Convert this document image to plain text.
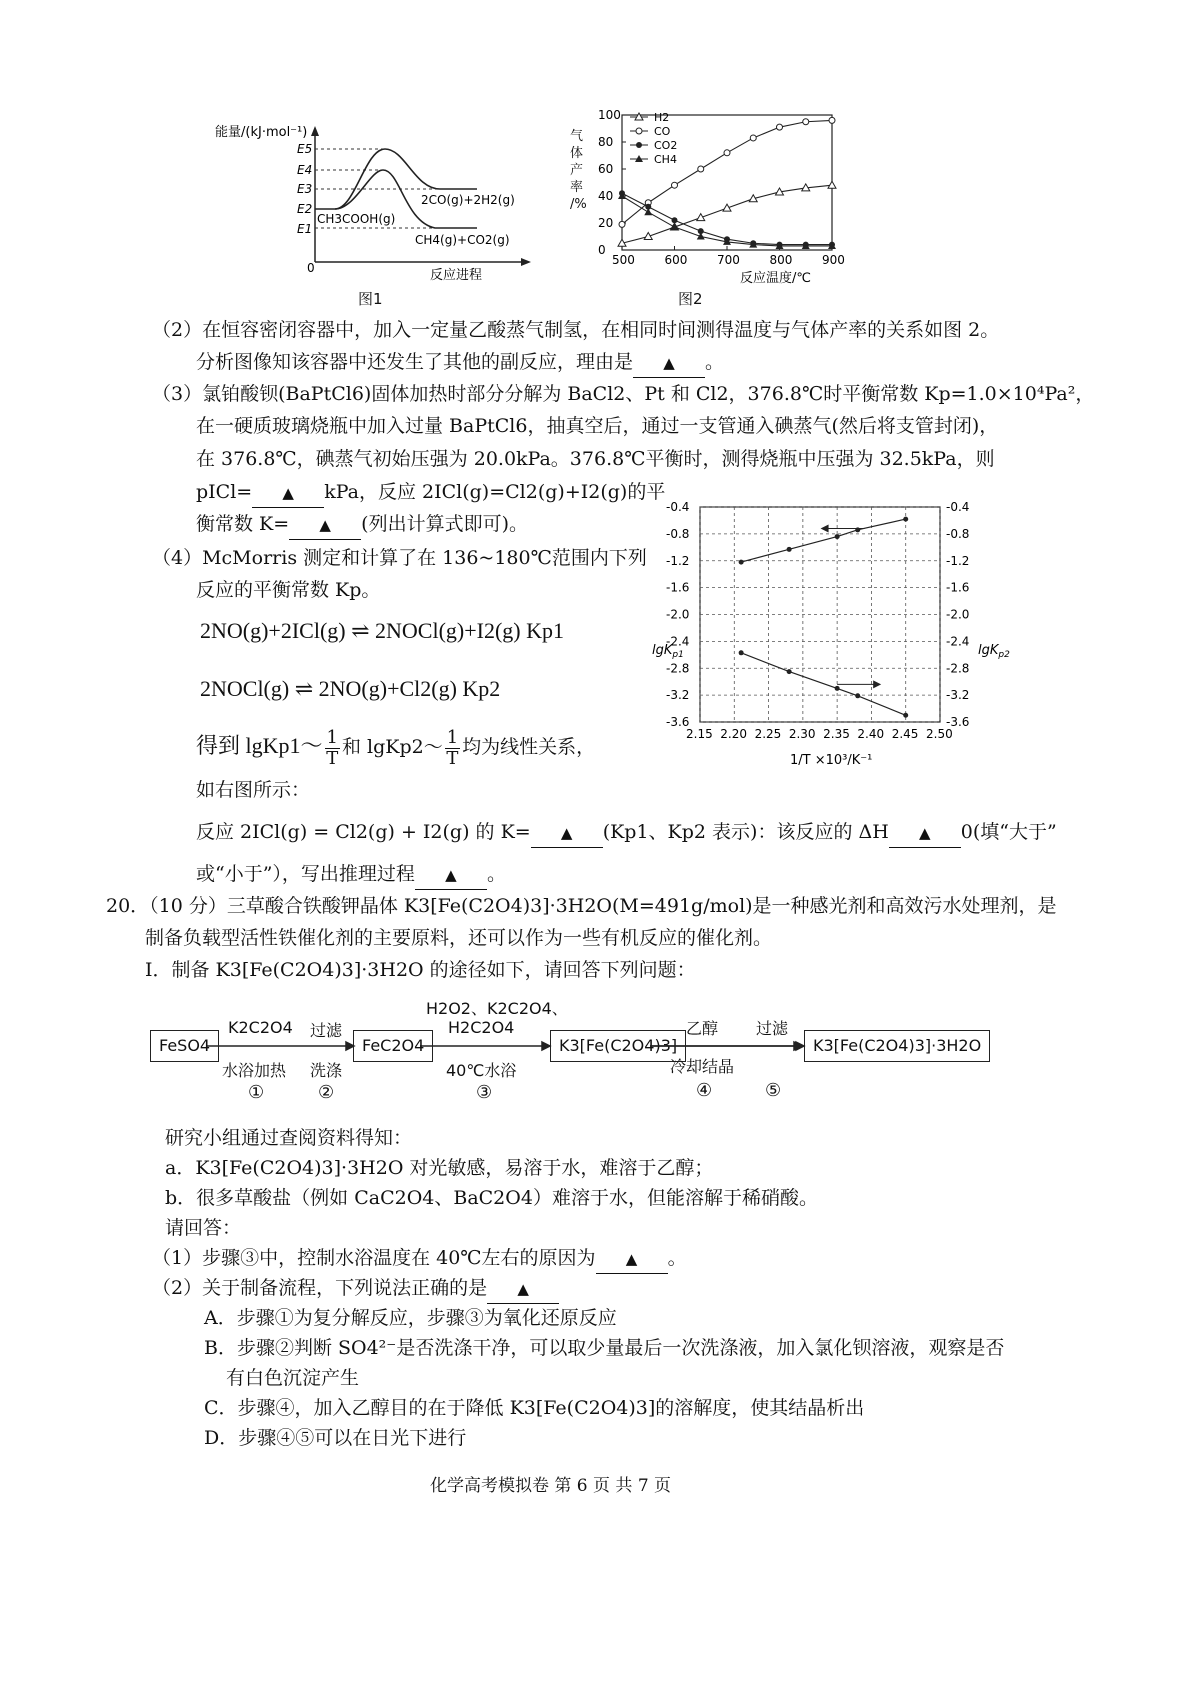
能量/(kJ·mol⁻¹)
0
E5
E4
E3
E2
E1
CH3COOH(g)
2CO(g)+2H2(g)
CH4(g)+CO2(g)
反应进程
图1
500 600 700 800 900
0
20
40
60
80
100	H2
CO
CO2
CH4
反应温度/℃
气
体
产
率
/%
图2
（2）在恒容密闭容器中，加入一定量乙酸蒸气制氢，在相同时间测得温度与气体产率的关系如图 2。
分析图像知该容器中还发生了其他的副反应，理由是 ▲ 。
（3）氯铂酸钡(BaPtCl6)固体加热时部分分解为 BaCl2、Pt 和 Cl2，376.8℃时平衡常数 Kp=1.0×10⁴Pa²，
在一硬质玻璃烧瓶中加入过量 BaPtCl6，抽真空后，通过一支管通入碘蒸气(然后将支管封闭)，
在 376.8℃，碘蒸气初始压强为 20.0kPa。376.8℃平衡时，测得烧瓶中压强为 32.5kPa，则
pICl= ▲ kPa，反应 2ICl(g)=Cl2(g)+I2(g)的平
衡常数 K= ▲ (列出计算式即可)。
2.15 2.20 2.25 2.30 2.35 2.40 2.45 2.50
-0.4	-0.4
-0.8	-0.8
-1.2	-1.2
-1.6	-1.6
-2.0	-2.0
-2.4	-2.4
-2.8	-2.8
-3.2	-3.2
-3.6	-3.6
lgK$_{p1}$	lgK$_{p2}$
1/T ×10³/K⁻¹
（4）McMorris 测定和计算了在 136~180℃范围内下列
反应的平衡常数 Kp。
2NO(g)+2ICl(g) ⇌ 2NOCl(g)+I2(g) Kp1
2NOCl(g) ⇌ 2NO(g)+Cl2(g) Kp2
得到 lgKp1～ $\frac{1}{T}$ 和 lgKp2～ $\frac{1}{T}$ 均为线性关系，
如右图所示：
反应 2ICl(g) = Cl2(g) + I2(g) 的 K= ▲ (Kp1、Kp2 表示)：该反应的 ΔH ▲ 0(填“大于”
或“小于”），写出推理过程 ▲ 。
20．（10 分）三草酸合铁酸钾晶体 K3[Fe(C2O4)3]·3H2O(M=491g/mol)是一种感光剂和高效污水处理剂，是
制备负载型活性铁催化剂的主要原料，还可以作为一些有机反应的催化剂。
I．制备 K3[Fe(C2O4)3]·3H2O 的途径如下，请回答下列问题：
FeSO4	FeC2O4	K3[Fe(C2O4)3]	K3[Fe(C2O4)3]·3H2O
K2C2O4
水浴加热
过滤
洗涤
H2O2、K2C2O4、
H2C2O4
40℃水浴
乙醇
冷却结晶
过滤
①	②	③	④	⑤
研究小组通过查阅资料得知：
a．K3[Fe(C2O4)3]·3H2O 对光敏感，易溶于水，难溶于乙醇；
b．很多草酸盐（例如 CaC2O4、BaC2O4）难溶于水，但能溶解于稀硝酸。
请回答：
（1）步骤③中，控制水浴温度在 40℃左右的原因为 ▲ 。
（2）关于制备流程，下列说法正确的是 ▲
A．步骤①为复分解反应，步骤③为氧化还原反应
B．步骤②判断 SO4²⁻是否洗涤干净，可以取少量最后一次洗涤液，加入氯化钡溶液，观察是否
有白色沉淀产生
C．步骤④，加入乙醇目的在于降低 K3[Fe(C2O4)3]的溶解度，使其结晶析出
D．步骤④⑤可以在日光下进行
化学高考模拟卷 第 6 页 共 7 页
